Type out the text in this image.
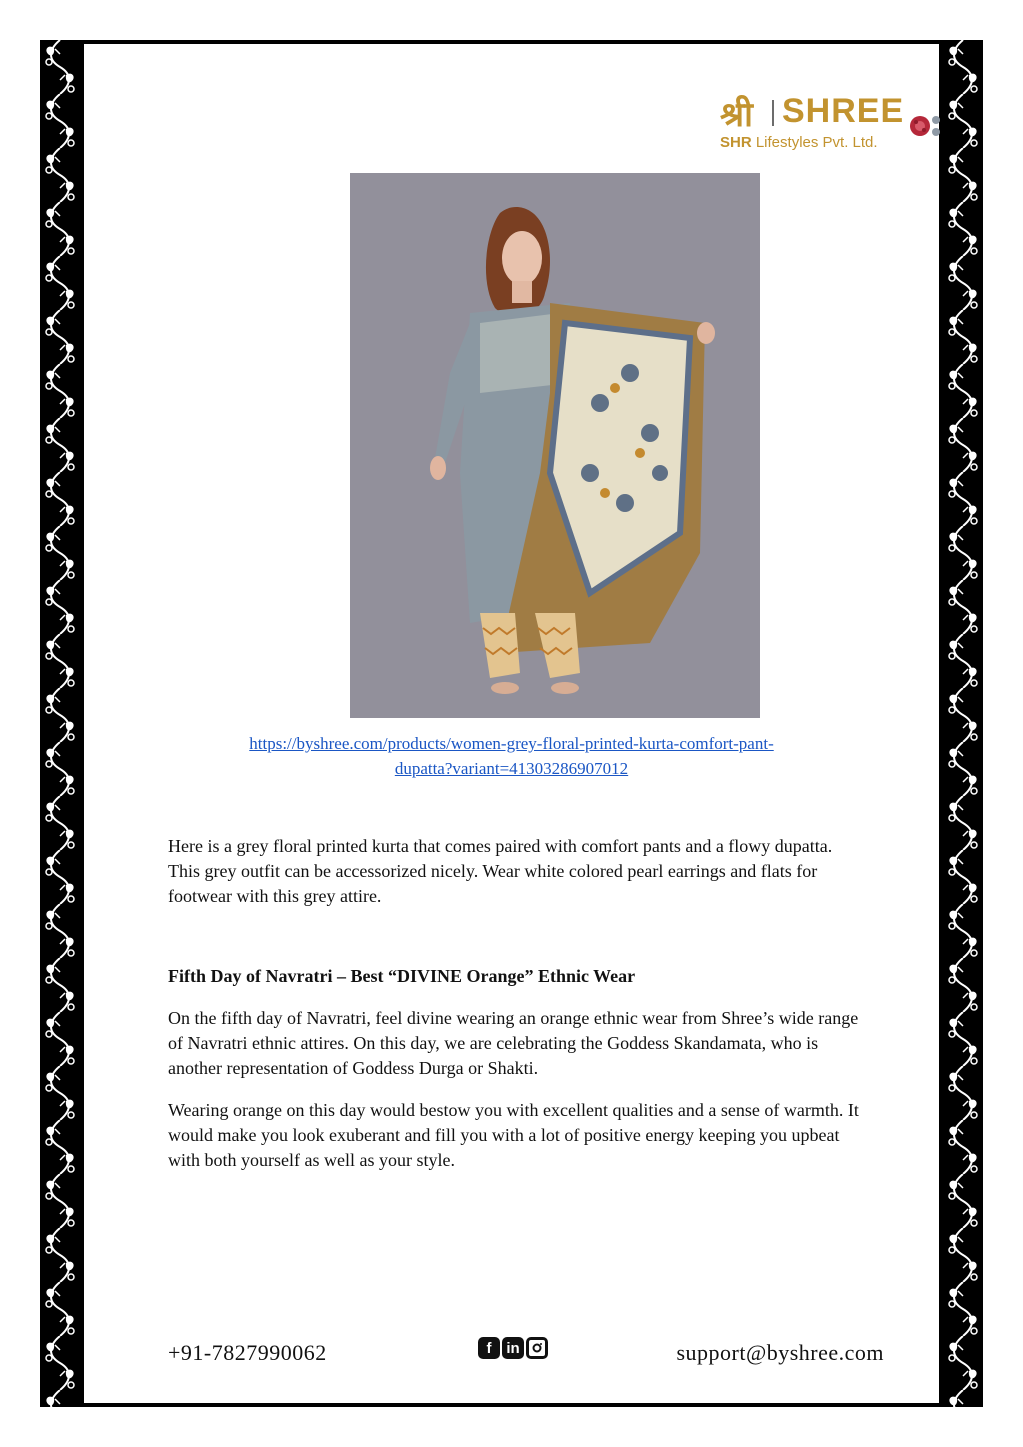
श्री SHREE
SHR Lifestyles Pvt. Ltd.
https://byshree.com/products/women-grey-floral-printed-kurta-comfort-pant-
dupatta?variant=41303286907012

Here is a grey floral printed kurta that comes paired with comfort pants and a flowy dupatta. This grey outfit can be accessorized nicely. Wear white colored pearl earrings and flats for footwear with this grey attire.

Fifth Day of Navratri – Best “DIVINE Orange” Ethnic Wear

On the fifth day of Navratri, feel divine wearing an orange ethnic wear from Shree’s wide range of Navratri ethnic attires. On this day, we are celebrating the Goddess Skandamata, who is another representation of Goddess Durga or Shakti.

Wearing orange on this day would bestow you with excellent qualities and a sense of warmth. It would make you look exuberant and fill you with a lot of positive energy keeping you upbeat with both yourself as well as your style.

+91-7827990062	f in	support@byshree.com
